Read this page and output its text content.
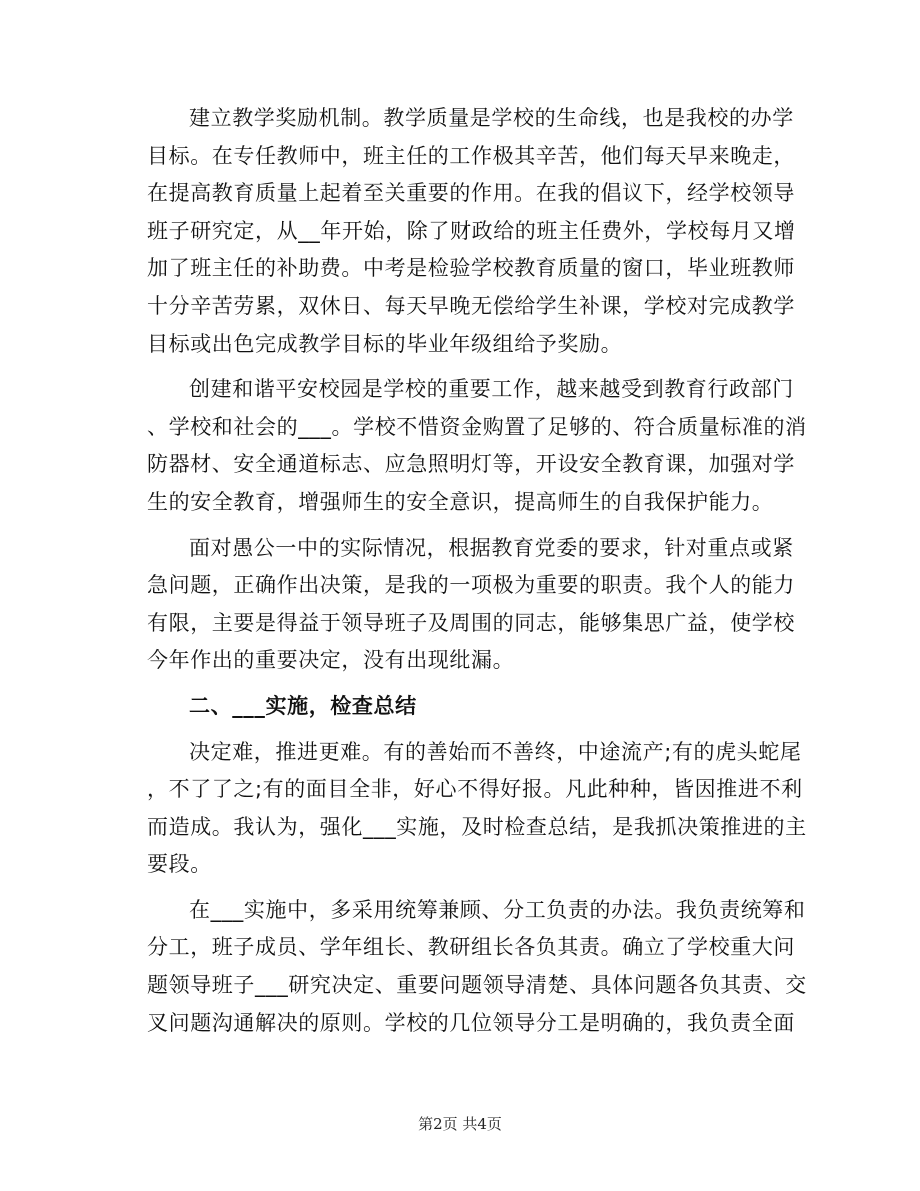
建立教学奖励机制。教学质量是学校的生命线，也是我校的办学
目标。在专任教师中，班主任的工作极其辛苦，他们每天早来晚走，
在提高教育质量上起着至关重要的作用。在我的倡议下，经学校领导
班子研究定，从__年开始，除了财政给的班主任费外，学校每月又增
加了班主任的补助费。中考是检验学校教育质量的窗口，毕业班教师
十分辛苦劳累，双休日、每天早晚无偿给学生补课，学校对完成教学
目标或出色完成教学目标的毕业年级组给予奖励。
创建和谐平安校园是学校的重要工作，越来越受到教育行政部门
、学校和社会的___。学校不惜资金购置了足够的、符合质量标准的消
防器材、安全通道标志、应急照明灯等，开设安全教育课，加强对学
生的安全教育，增强师生的安全意识，提高师生的自我保护能力。
面对愚公一中的实际情况，根据教育党委的要求，针对重点或紧
急问题，正确作出决策，是我的一项极为重要的职责。我个人的能力
有限，主要是得益于领导班子及周围的同志，能够集思广益，使学校
今年作出的重要决定，没有出现纰漏。
二、___实施，检查总结
决定难，推进更难。有的善始而不善终，中途流产;有的虎头蛇尾
，不了了之;有的面目全非，好心不得好报。凡此种种，皆因推进不利
而造成。我认为，强化___实施，及时检查总结，是我抓决策推进的主
要段。
在___实施中，多采用统筹兼顾、分工负责的办法。我负责统筹和
分工，班子成员、学年组长、教研组长各负其责。确立了学校重大问
题领导班子___研究决定、重要问题领导清楚、具体问题各负其责、交
叉问题沟通解决的原则。学校的几位领导分工是明确的，我负责全面
第2页 共4页
